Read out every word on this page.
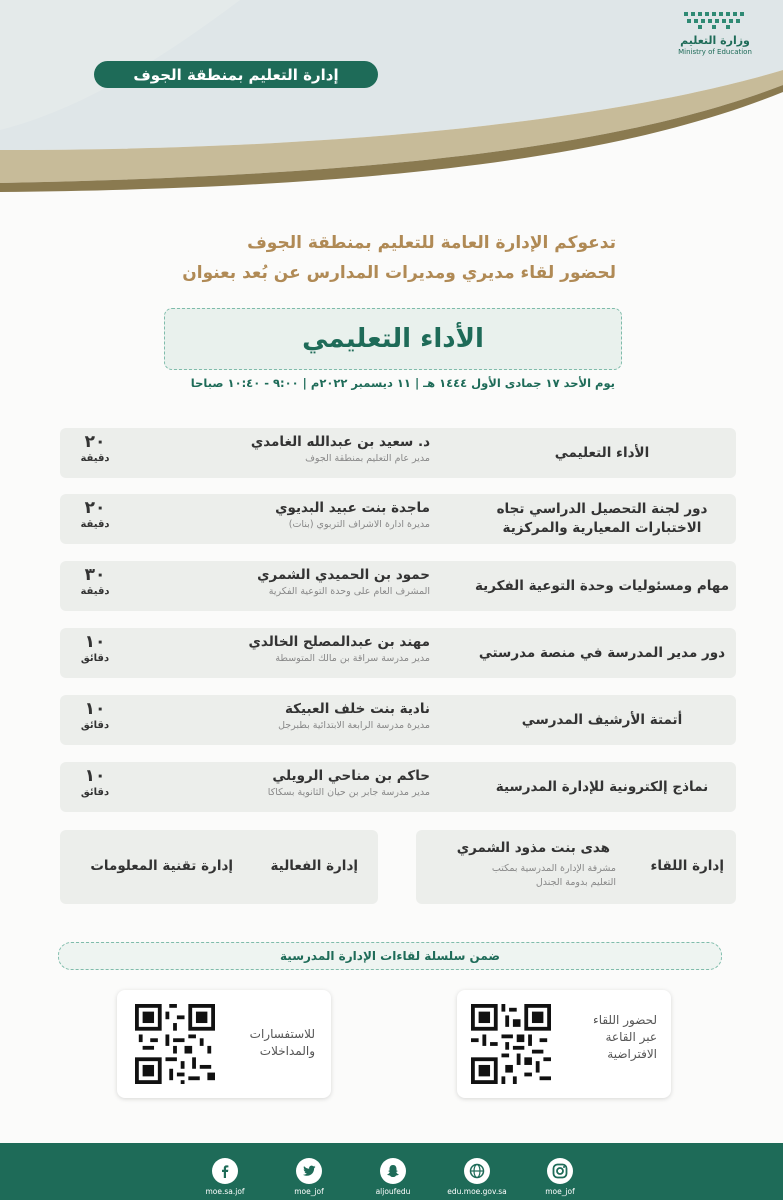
إدارة التعليم بمنطقة الجوف
وزارة التعليم
Ministry of Education
تدعوكم الإدارة العامة للتعليم بمنطقة الجوف
لحضور لقاء مديري ومديرات المدارس عن بُعد بعنوان
الأداء التعليمي
يوم الأحد ١٧ جمادى الأول ١٤٤٤ هـ | ١١ ديسمبر ٢٠٢٢م | ٩:٠٠ - ١٠:٤٠ صباحا
الأداء التعليمي
د. سعيد بن عبدالله الغامدي
مدير عام التعليم بمنطقة الجوف
٢٠
دقيقة
دور لجنة التحصيل الدراسي تجاه الاختبارات المعيارية والمركزية
ماجدة بنت عبيد البديوي
مديرة ادارة الاشراف التربوي (بنات)
٢٠
دقيقة
مهام ومسئوليات وحدة التوعية الفكرية
حمود بن الحميدي الشمري
المشرف العام على وحدة التوعية الفكرية
٣٠
دقيقة
دور مدير المدرسة في منصة مدرستي
مهند بن عبدالمصلح الخالدي
مدير مدرسة سراقة بن مالك المتوسطة
١٠
دقائق
أتمتة الأرشيف المدرسي
نادية بنت خلف العبيكة
مديرة مدرسة الرابعة الابتدائية بطبرجل
١٠
دقائق
نماذج إلكترونية للإدارة المدرسية
حاكم بن مناحي الرويلي
مدير مدرسة جابر بن حيان الثانوية بسكاكا
١٠
دقائق
إدارة اللقاء
هدى بنت مذود الشمري
مشرفة الإدارة المدرسية بمكتب التعليم بدومة الجندل
إدارة الفعالية
إدارة تقنية المعلومات
ضمن سلسلة لقاءات الإدارة المدرسية
لحضور اللقاء عبر القاعة الافتراضية
للاستفسارات والمداخلات
moe_jof
edu.moe.gov.sa
aljoufedu
moe_jof
moe.sa.jof
